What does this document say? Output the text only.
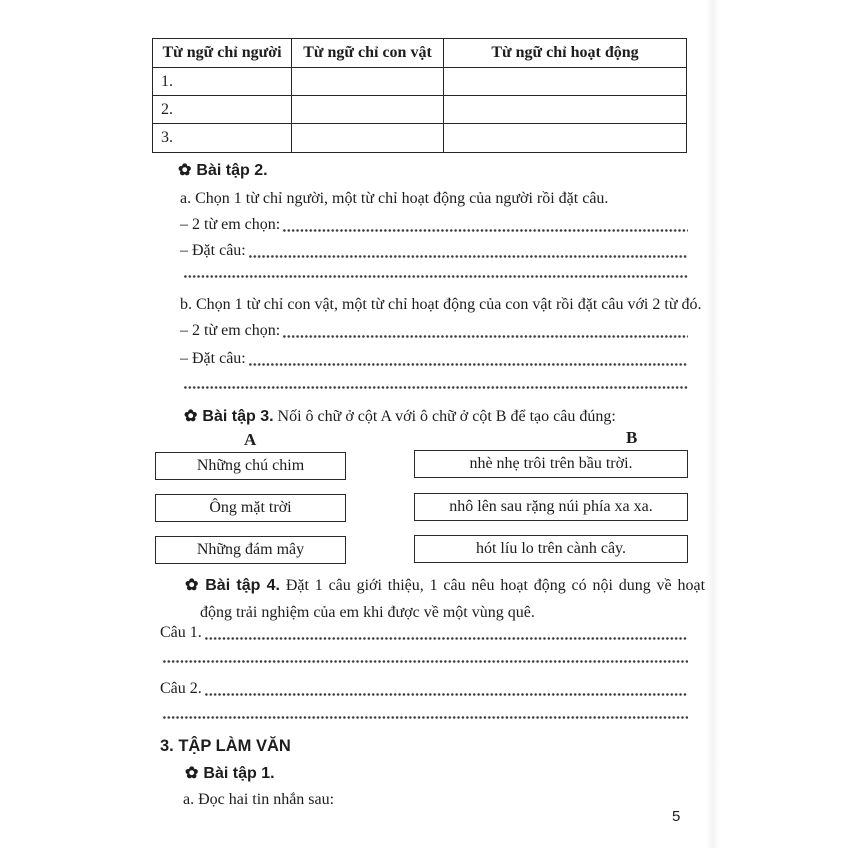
Từ ngữ chỉ người	Từ ngữ chỉ con vật	Từ ngữ chỉ hoạt động
1.
2.
3.
✿ Bài tập 2.
a. Chọn 1 từ chỉ người, một từ chỉ hoạt động của người rồi đặt câu.
– 2 từ em chọn:
– Đặt câu:
b. Chọn 1 từ chỉ con vật, một từ chỉ hoạt động của con vật rồi đặt câu với 2 từ đó.
– 2 từ em chọn:
– Đặt câu:
✿ Bài tập 3. Nối ô chữ ở cột A với ô chữ ở cột B để tạo câu đúng:
A	B
Những chú chim
Ông mặt trời
Những đám mây
nhè nhẹ trôi trên bầu trời.
nhô lên sau rặng núi phía xa xa.
hót líu lo trên cành cây.
✿ Bài tập 4. Đặt 1 câu giới thiệu, 1 câu nêu hoạt động có nội dung về hoạt động trải nghiệm của em khi được về một vùng quê.
Câu 1.
Câu 2.
3. TẬP LÀM VĂN
✿ Bài tập 1.
a. Đọc hai tin nhắn sau:
5
